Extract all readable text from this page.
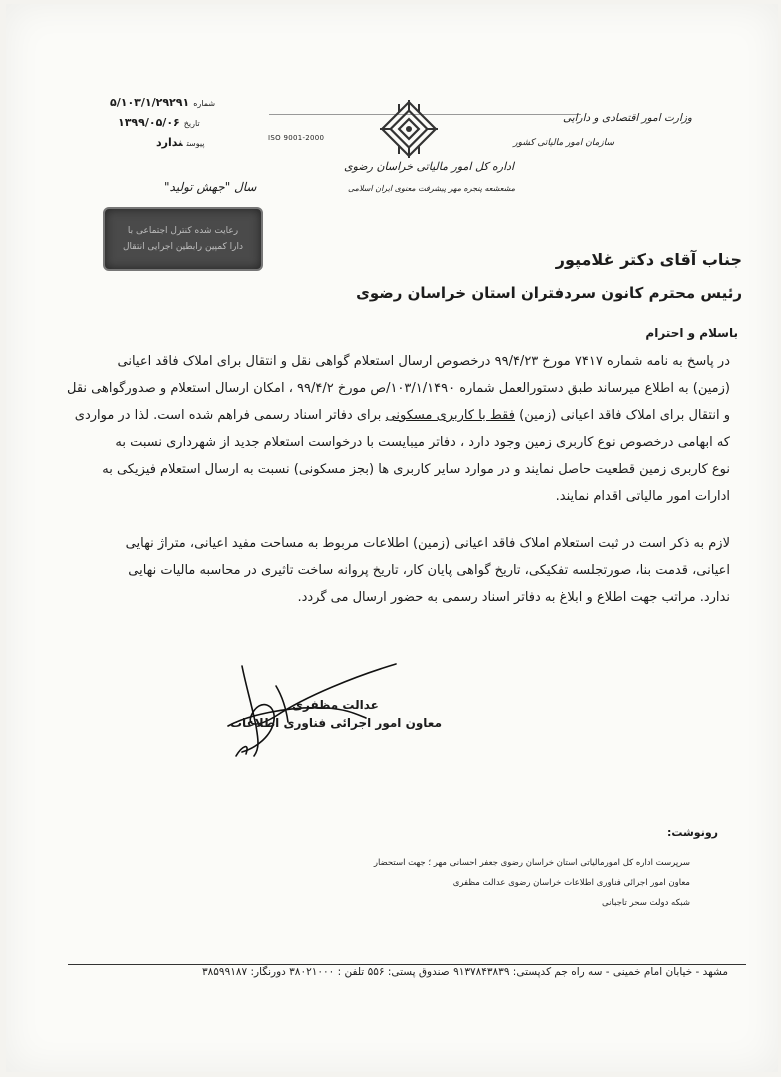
شماره۵/۱۰۳/۱/۲۹۲۹۱
تاریخ۱۳۹۹/۰۵/۰۶
پیوستندارد
سال "جهش تولید"
رعایت شده کنترل اجتماعی با
دارا کمپین رابطین اجرایی انتقال
ISO 9001-2000
وزارت امور اقتصادی و دارایی
سازمان امور مالیاتی کشور
اداره کل امور مالیاتی خراسان رضوی
مشعشعه پنجره مهر پیشرفت معنوی ایران اسلامی
جناب آقای دکتر غلامپور
رئیس محترم کانون سردفتران استان خراسان رضوی
باسلام و احترام

در پاسخ به نامه شماره ۷۴۱۷ مورخ ۹۹/۴/۲۳ درخصوص ارسال استعلام گواهی نقل و انتقال برای املاک فاقد اعیانی

(زمین) به اطلاع میرساند طبق دستورالعمل شماره ۱۰۳/۱/۱۴۹۰/ص مورخ ۹۹/۴/۲ ، امکان ارسال استعلام و صدورگواهی نقل

و انتقال برای املاک فاقد اعیانی (زمین) فقط با کاربری مسکونی برای دفاتر اسناد رسمی فراهم شده است. لذا در مواردی

که ابهامی درخصوص نوع کاربری زمین وجود دارد ، دفاتر میبایست با درخواست استعلام جدید از شهرداری نسبت به

نوع کاربری زمین قطعیت حاصل نمایند و در موارد سایر کاربری ها (بجز مسکونی) نسبت به ارسال استعلام فیزیکی به

ادارات امور مالیاتی اقدام نمایند.

لازم به ذکر است در ثبت استعلام املاک فاقد اعیانی (زمین) اطلاعات مربوط به مساحت مفید اعیانی، متراژ نهایی

اعیانی، قدمت بنا، صورتجلسه تفکیکی، تاریخ گواهی پایان کار، تاریخ پروانه ساخت تاثیری در محاسبه مالیات نهایی

ندارد. مراتب جهت اطلاع و ابلاغ به دفاتر اسناد رسمی به حضور ارسال می گردد.

عدالت مظفری
معاون امور اجرائی فناوری اطلاعات
رونوشت:
سرپرست اداره کل امورمالیاتی استان خراسان رضوی جعفر احسانی مهر ؛ جهت استحضار
معاون امور اجرائی فناوری اطلاعات خراسان رضوی عدالت مظفری
شبکه دولت سحر تاجبانی
مشهد - خیابان امام خمینی - سه راه جم کدپستی: ۹۱۳۷۸۴۳۸۳۹ صندوق پستی: ۵۵۶ تلفن : ۳۸۰۲۱۰۰۰ دورنگار: ۳۸۵۹۹۱۸۷
